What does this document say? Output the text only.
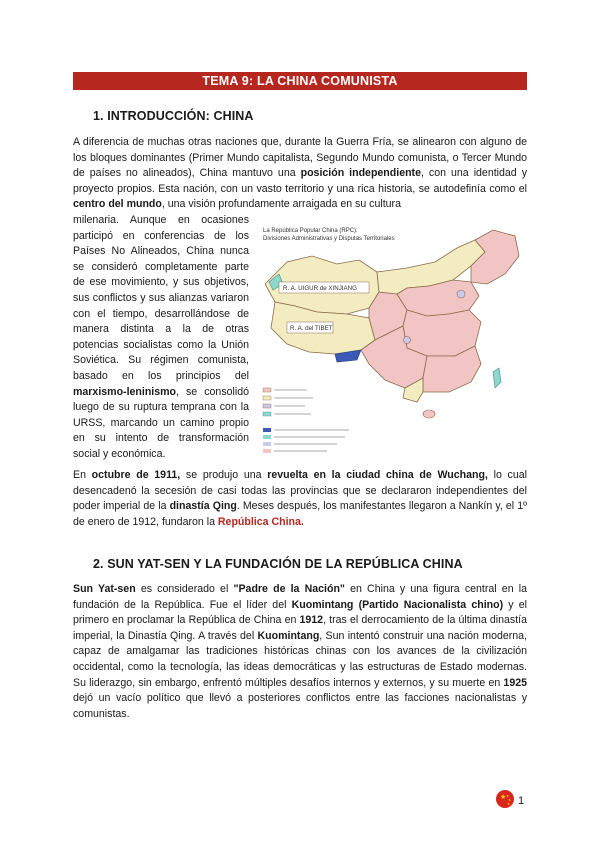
TEMA 9: LA CHINA COMUNISTA
1. INTRODUCCIÓN: CHINA

A diferencia de muchas otras naciones que, durante la Guerra Fría, se alinearon con alguno de los bloques dominantes (Primer Mundo capitalista, Segundo Mundo comunista, o Tercer Mundo de países no alineados), China mantuvo una posición independiente, con una identidad y proyecto propios. Esta nación, con un vasto territorio y una rica historia, se autodefinía como el centro del mundo, una visión profundamente arraigada en su cultura

milenaria. Aunque en ocasiones participó en conferencias de los Países No Alineados, China nunca se consideró completamente parte de ese movimiento, y sus objetivos, sus conflictos y sus alianzas variaron con el tiempo, desarrollándose de manera distinta a la de otras potencias socialistas como la Unión Soviética. Su régimen comunista, basado en los principios del marxismo-leninismo, se consolidó luego de su ruptura temprana con la URSS, marcando un camino propio en su intento de transformación social y económica.

La República Popular China (RPC):
Divisiones Administrativas y Disputas Territoriales
R. A. UIGUR de XINJIANG
R. A. del TIBET

En octubre de 1911, se produjo una revuelta en la ciudad china de Wuchang, lo cual desencadenó la secesión de casi todas las provincias que se declararon independientes del poder imperial de la dinastía Qing. Meses después, los manifestantes llegaron a Nankín y, el 1º de enero de 1912, fundaron la República China.

2. SUN YAT-SEN Y LA FUNDACIÓN DE LA REPÚBLICA CHINA

Sun Yat-sen es considerado el "Padre de la Nación" en China y una figura central en la fundación de la República. Fue el líder del Kuomintang (Partido Nacionalista chino) y el primero en proclamar la República de China en 1912, tras el derrocamiento de la última dinastía imperial, la Dinastía Qing. A través del Kuomintang, Sun intentó construir una nación moderna, capaz de amalgamar las tradiciones históricas chinas con los avances de la civilización occidental, como la tecnología, las ideas democráticas y las estructuras de Estado modernas. Su liderazgo, sin embargo, enfrentó múltiples desafíos internos y externos, y su muerte en 1925 dejó un vacío político que llevó a posteriores conflictos entre las facciones nacionalistas y comunistas.

★ ★
★
★ 1
